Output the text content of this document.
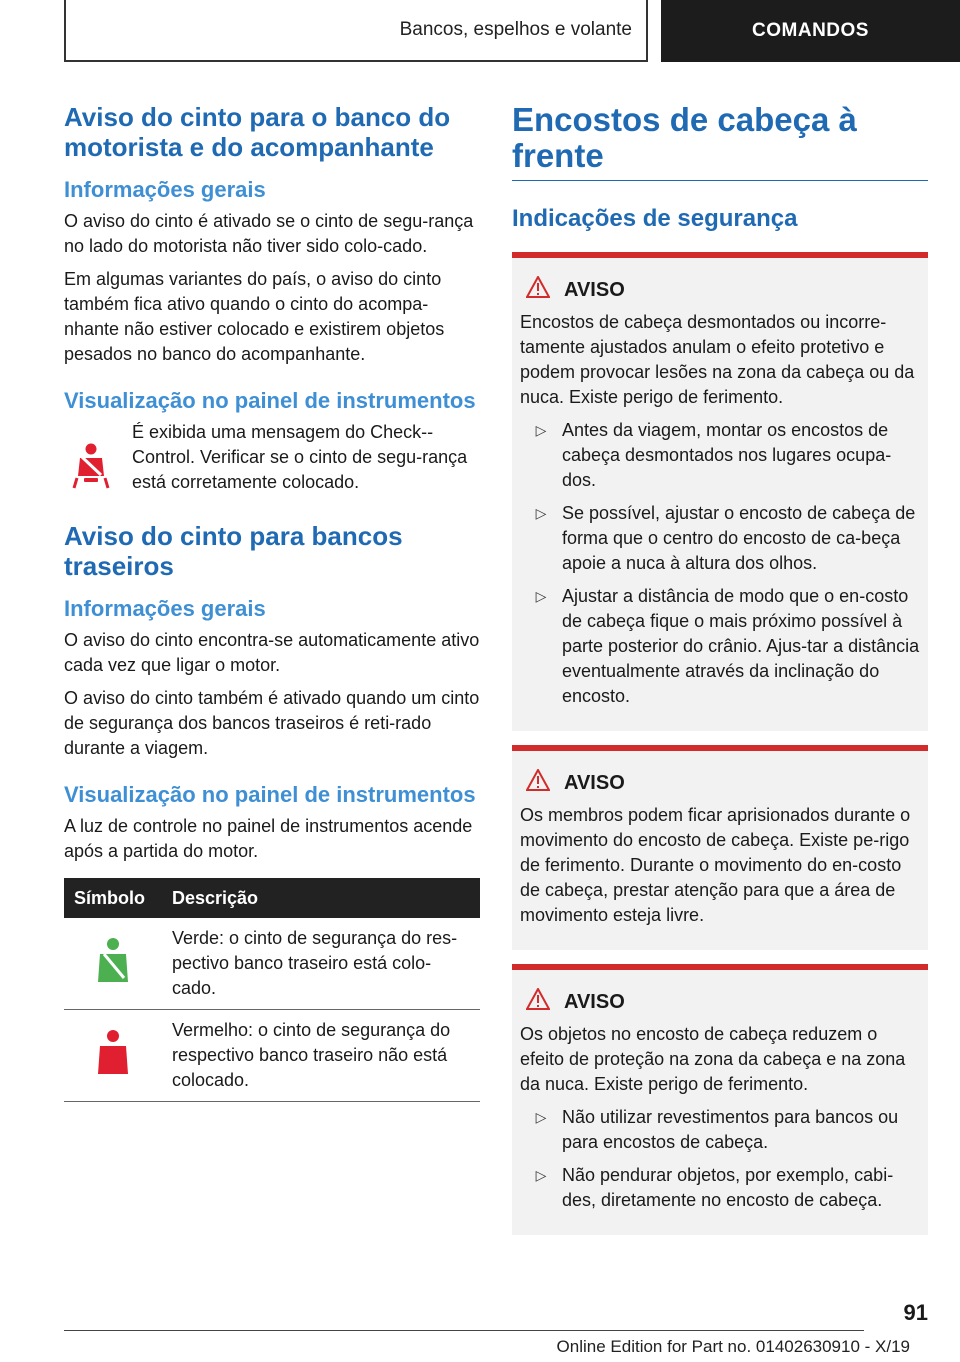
Bancos, espelhos e volante	COMANDOS
Aviso do cinto para o banco do motorista e do acompanhante
Informações gerais

O aviso do cinto é ativado se o cinto de segu-rança no lado do motorista não tiver sido colo-cado.

Em algumas variantes do país, o aviso do cinto também fica ativo quando o cinto do acompa-nhante não estiver colocado e existirem objetos pesados no banco do acompanhante.

Visualização no painel de instrumentos

É exibida uma mensagem do Check--Control. Verificar se o cinto de segu-rança está corretamente colocado.

Aviso do cinto para bancos traseiros
Informações gerais

O aviso do cinto encontra-se automaticamente ativo cada vez que ligar o motor.

O aviso do cinto também é ativado quando um cinto de segurança dos bancos traseiros é reti-rado durante a viagem.

Visualização no painel de instrumentos

A luz de controle no painel de instrumentos acende após a partida do motor.

Símbolo	Descrição
	Verde: o cinto de segurança do res-pectivo banco traseiro está colo-cado.
	Vermelho: o cinto de segurança do respectivo banco traseiro não está colocado.
Encostos de cabeça à frente
Indicações de segurança
AVISO

Encostos de cabeça desmontados ou incorre-tamente ajustados anulam o efeito protetivo e podem provocar lesões na zona da cabeça ou da nuca. Existe perigo de ferimento.

▷ Antes da viagem, montar os encostos de cabeça desmontados nos lugares ocupa-dos.
▷ Se possível, ajustar o encosto de cabeça de forma que o centro do encosto de ca-beça apoie a nuca à altura dos olhos.
▷ Ajustar a distância de modo que o en-costo de cabeça fique o mais próximo possível à parte posterior do crânio. Ajus-tar a distância eventualmente através da inclinação do encosto.
AVISO

Os membros podem ficar aprisionados durante o movimento do encosto de cabeça. Existe pe-rigo de ferimento. Durante o movimento do en-costo de cabeça, prestar atenção para que a área de movimento esteja livre.

AVISO

Os objetos no encosto de cabeça reduzem o efeito de proteção na zona da cabeça e na zona da nuca. Existe perigo de ferimento.

▷ Não utilizar revestimentos para bancos ou para encostos de cabeça.
▷ Não pendurar objetos, por exemplo, cabi-des, diretamente no encosto de cabeça.
91
Online Edition for Part no. 01402630910 - X/19
